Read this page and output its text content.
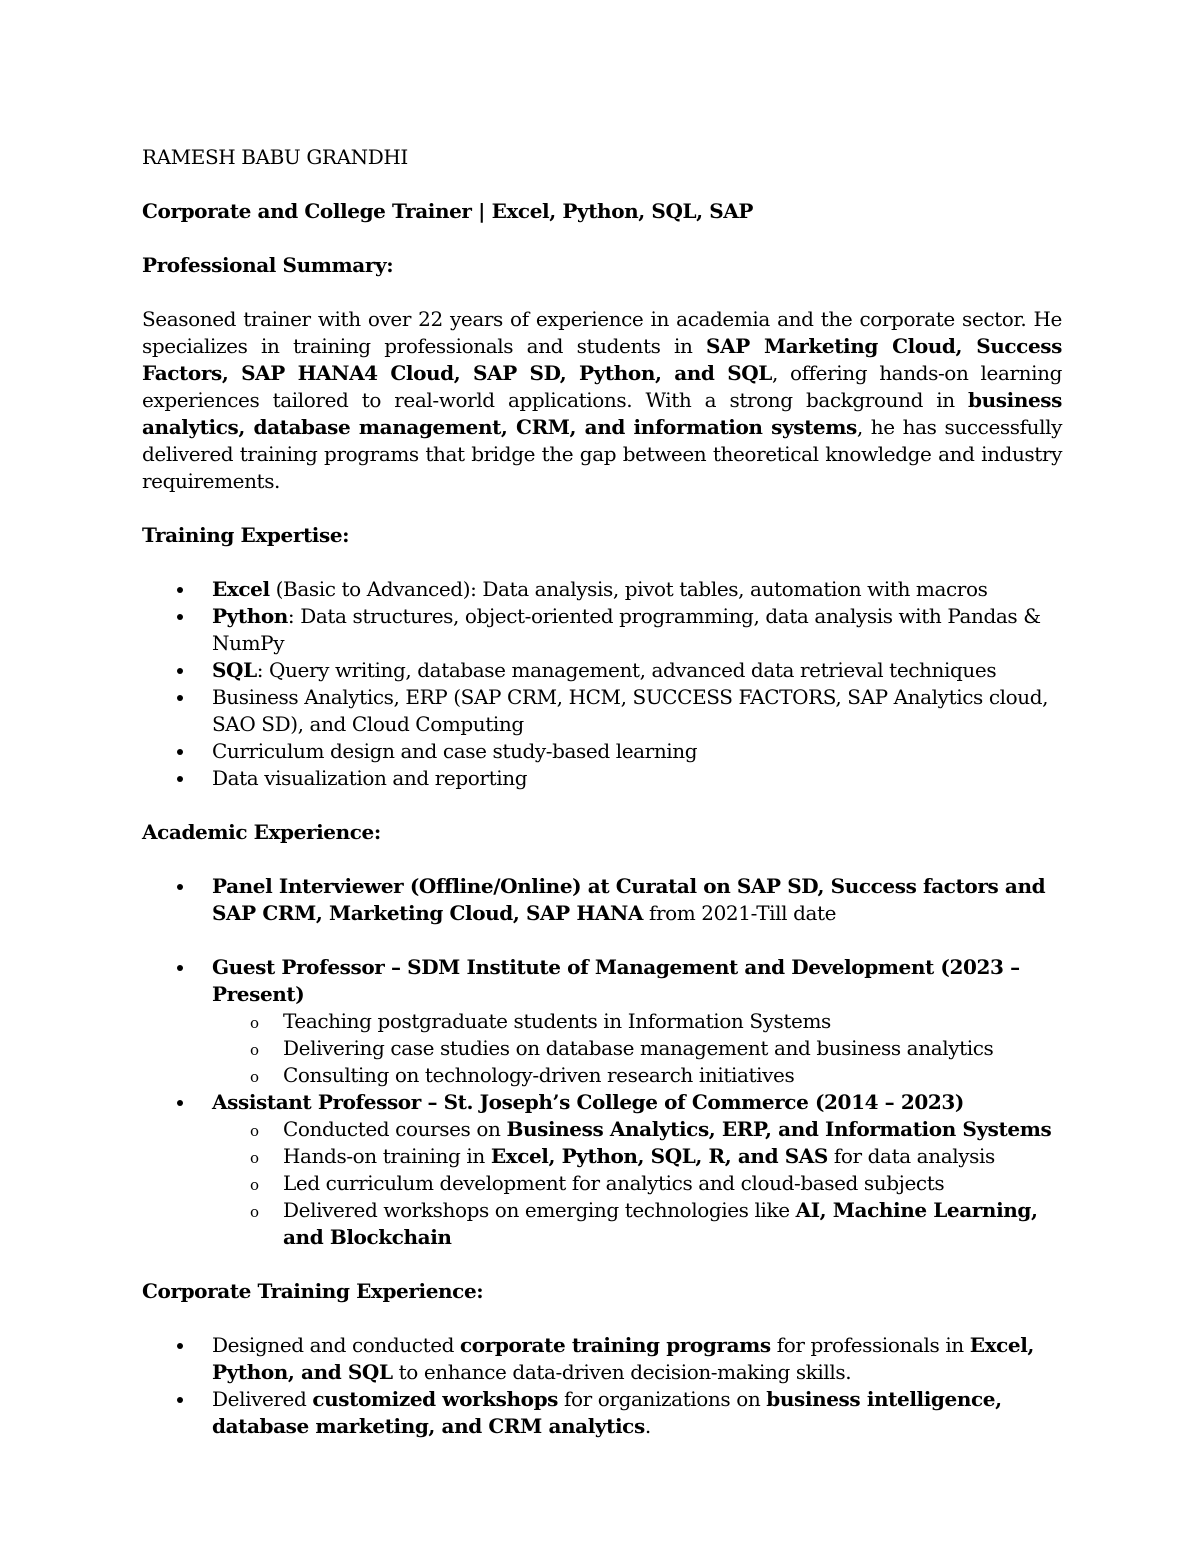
RAMESH BABU GRANDHI

Corporate and College Trainer | Excel, Python, SQL, SAP

Professional Summary:

Seasoned trainer with over 22 years of experience in academia and the corporate sector. He specializes in training professionals and students in SAP Marketing Cloud, Success Factors, SAP HANA4 Cloud, SAP SD, Python, and SQL, offering hands-on learning experiences tailored to real-world applications. With a strong background in business analytics, database management, CRM, and information systems, he has successfully delivered training programs that bridge the gap between theoretical knowledge and industry requirements.

Training Expertise:

Excel (Basic to Advanced): Data analysis, pivot tables, automation with macros
Python: Data structures, object-oriented programming, data analysis with Pandas & NumPy
SQL: Query writing, database management, advanced data retrieval techniques
Business Analytics, ERP (SAP CRM, HCM, SUCCESS FACTORS, SAP Analytics cloud, SAO SD), and Cloud Computing
Curriculum design and case study-based learning
Data visualization and reporting

Academic Experience:

Panel Interviewer (Offline/Online) at Curatal on SAP SD, Success factors and SAP CRM, Marketing Cloud, SAP HANA from 2021-Till date
Guest Professor – SDM Institute of Management and Development (2023 – Present)
o Teaching postgraduate students in Information Systems
o Delivering case studies on database management and business analytics
o Consulting on technology-driven research initiatives
Assistant Professor – St. Joseph’s College of Commerce (2014 – 2023)
o Conducted courses on Business Analytics, ERP, and Information Systems
o Hands-on training in Excel, Python, SQL, R, and SAS for data analysis
o Led curriculum development for analytics and cloud-based subjects
o Delivered workshops on emerging technologies like AI, Machine Learning, and Blockchain

Corporate Training Experience:

Designed and conducted corporate training programs for professionals in Excel, Python, and SQL to enhance data-driven decision-making skills.
Delivered customized workshops for organizations on business intelligence, database marketing, and CRM analytics.
